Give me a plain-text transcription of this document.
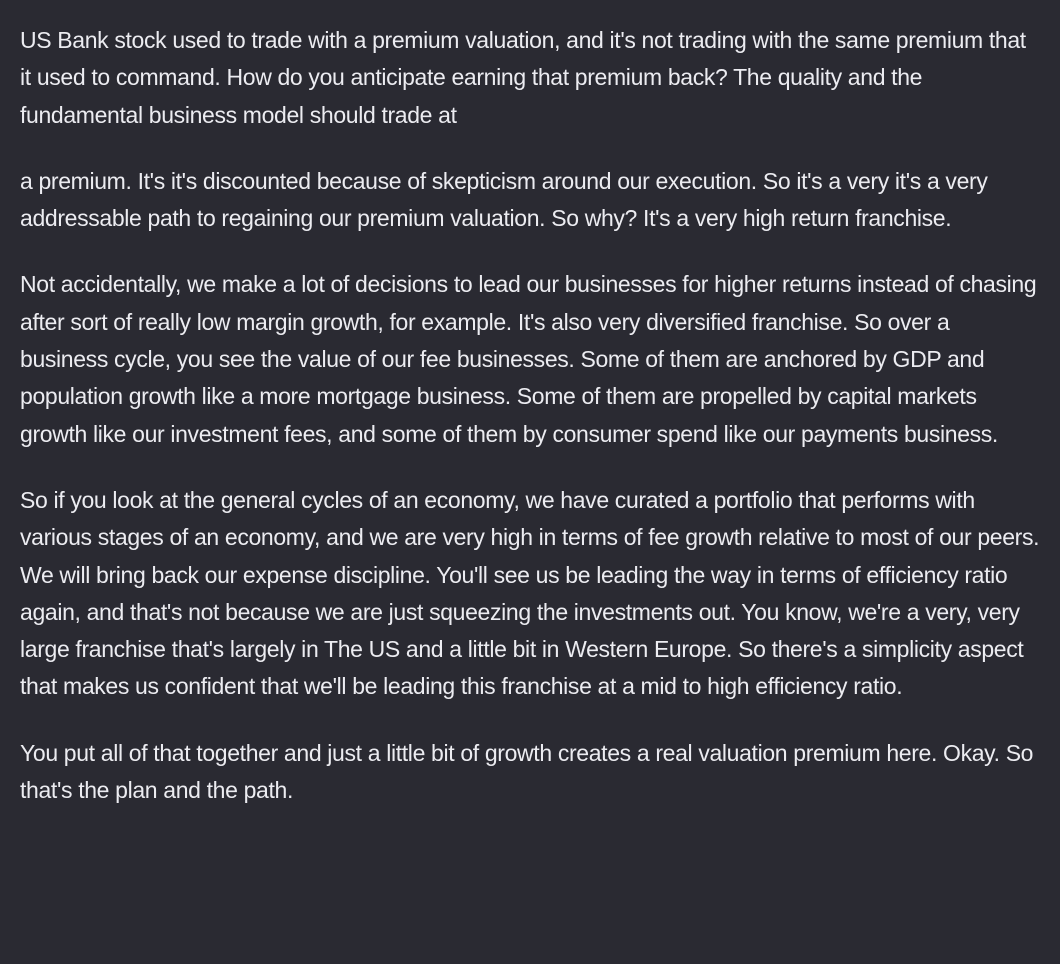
US Bank stock used to trade with a premium valuation, and it's not trading with the same premium that it used to command. How do you anticipate earning that premium back? The quality and the fundamental business model should trade at

a premium. It's it's discounted because of skepticism around our execution. So it's a very it's a very addressable path to regaining our premium valuation. So why? It's a very high return franchise.

Not accidentally, we make a lot of decisions to lead our businesses for higher returns instead of chasing after sort of really low margin growth, for example. It's also very diversified franchise. So over a business cycle, you see the value of our fee businesses. Some of them are anchored by GDP and population growth like a more mortgage business. Some of them are propelled by capital markets growth like our investment fees, and some of them by consumer spend like our payments business.

So if you look at the general cycles of an economy, we have curated a portfolio that performs with various stages of an economy, and we are very high in terms of fee growth relative to most of our peers. We will bring back our expense discipline. You'll see us be leading the way in terms of efficiency ratio again, and that's not because we are just squeezing the investments out. You know, we're a very, very large franchise that's largely in The US and a little bit in Western Europe. So there's a simplicity aspect that makes us confident that we'll be leading this franchise at a mid to high efficiency ratio.

You put all of that together and just a little bit of growth creates a real valuation premium here. Okay. So that's the plan and the path.
